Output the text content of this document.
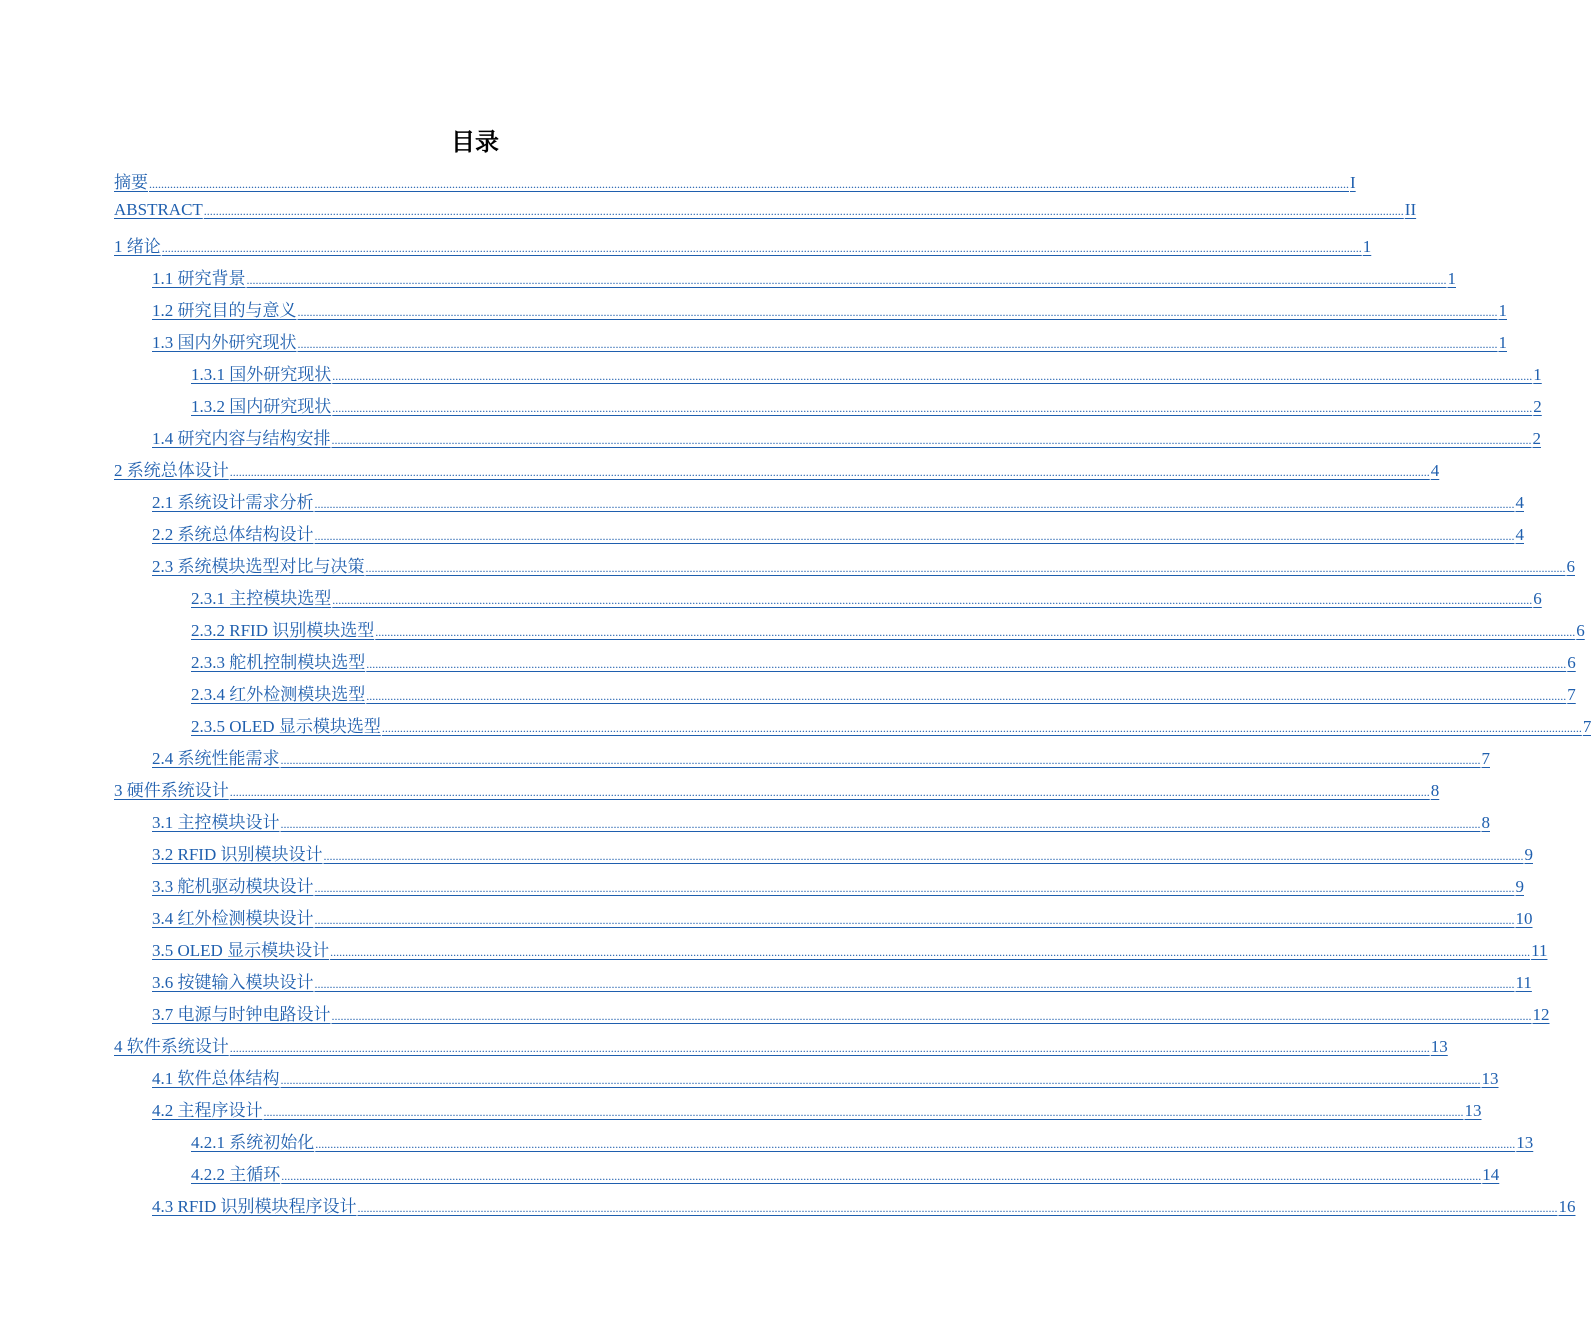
目录
摘要 ................................................................................................................................................................................................................................................................................................................................................................................................................ I
ABSTRACT ................................................................................................................................................................................................................................................................................................................................................................................................................ II
1 绪论 ................................................................................................................................................................................................................................................................................................................................................................................................................ 1
1.1 研究背景 ................................................................................................................................................................................................................................................................................................................................................................................................................ 1
1.2 研究目的与意义 ................................................................................................................................................................................................................................................................................................................................................................................................................ 1
1.3 国内外研究现状 ................................................................................................................................................................................................................................................................................................................................................................................................................ 1
1.3.1 国外研究现状 ................................................................................................................................................................................................................................................................................................................................................................................................................ 1
1.3.2 国内研究现状 ................................................................................................................................................................................................................................................................................................................................................................................................................ 2
1.4 研究内容与结构安排 ................................................................................................................................................................................................................................................................................................................................................................................................................ 2
2 系统总体设计 ................................................................................................................................................................................................................................................................................................................................................................................................................ 4
2.1 系统设计需求分析 ................................................................................................................................................................................................................................................................................................................................................................................................................ 4
2.2 系统总体结构设计 ................................................................................................................................................................................................................................................................................................................................................................................................................ 4
2.3 系统模块选型对比与决策 ................................................................................................................................................................................................................................................................................................................................................................................................................ 6
2.3.1 主控模块选型 ................................................................................................................................................................................................................................................................................................................................................................................................................ 6
2.3.2 RFID 识别模块选型 ................................................................................................................................................................................................................................................................................................................................................................................................................ 6
2.3.3 舵机控制模块选型 ................................................................................................................................................................................................................................................................................................................................................................................................................ 6
2.3.4 红外检测模块选型 ................................................................................................................................................................................................................................................................................................................................................................................................................ 7
2.3.5 OLED 显示模块选型 ................................................................................................................................................................................................................................................................................................................................................................................................................ 7
2.4 系统性能需求 ................................................................................................................................................................................................................................................................................................................................................................................................................ 7
3 硬件系统设计 ................................................................................................................................................................................................................................................................................................................................................................................................................ 8
3.1 主控模块设计 ................................................................................................................................................................................................................................................................................................................................................................................................................ 8
3.2 RFID 识别模块设计 ................................................................................................................................................................................................................................................................................................................................................................................................................ 9
3.3 舵机驱动模块设计 ................................................................................................................................................................................................................................................................................................................................................................................................................ 9
3.4 红外检测模块设计 ................................................................................................................................................................................................................................................................................................................................................................................................................ 10
3.5 OLED 显示模块设计 ................................................................................................................................................................................................................................................................................................................................................................................................................ 11
3.6 按键输入模块设计 ................................................................................................................................................................................................................................................................................................................................................................................................................ 11
3.7 电源与时钟电路设计 ................................................................................................................................................................................................................................................................................................................................................................................................................ 12
4 软件系统设计 ................................................................................................................................................................................................................................................................................................................................................................................................................ 13
4.1 软件总体结构 ................................................................................................................................................................................................................................................................................................................................................................................................................ 13
4.2 主程序设计 ................................................................................................................................................................................................................................................................................................................................................................................................................ 13
4.2.1 系统初始化 ................................................................................................................................................................................................................................................................................................................................................................................................................ 13
4.2.2 主循环 ................................................................................................................................................................................................................................................................................................................................................................................................................ 14
4.3 RFID 识别模块程序设计 ................................................................................................................................................................................................................................................................................................................................................................................................................ 16
